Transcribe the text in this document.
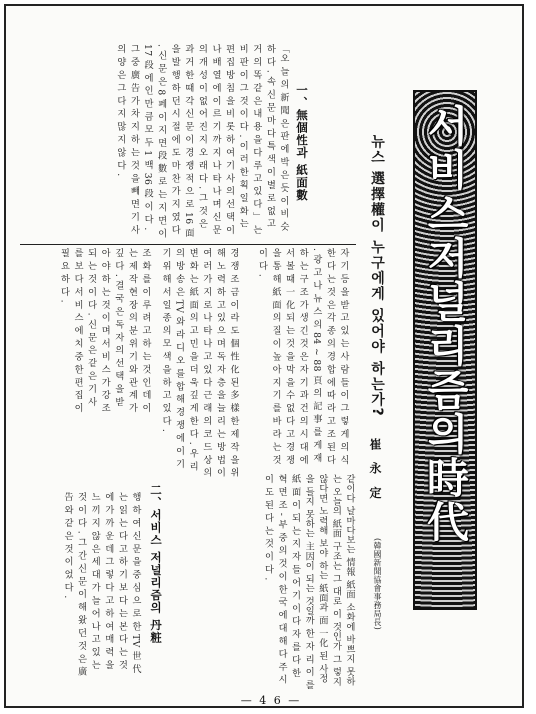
서비스저널리즘의時代
뉴스 選擇權이 누구에게 있어야 하는가?
崔 永 定
(韓國新聞協會事務局長)
같이다 날마다보는 情報 紙面 소화에 바쁘지 못하는 오늘의 紙面 구조는 그 대로 이 것인가 그 렇지 않다면 노력해 보야 하는 紙面과 面 一化 된 사정을 들지 못하는 主因이 되는 것일까 한 자 리 이 를 紙 面 이 되 는 지 자 들 어 기 이 다 자 를 다 한 혁 면 조 - 부 중 의 것 이 한 국 에 대 해 다 주 시 이 도 된 다 는 것 이 다 .
자 기 등 을 받 고 있 는 사 람 들 이 그 렇 게 의 식 한 다 는 것 은 각 종 의 경 합 에 따 라 고 조 된 다 . 광 고 나 뉴 스 의 84 ~ 88 頁 의 記 事 를 게 재 하 는 구 조 가 생 긴 것 은 자 기 과 건 의 시 대 에 서 볼 때 一 化 되 는 것 을 막 을 수 없 다 고 경 쟁 을 통 해 紙 面 의 질 이 높 아 지 기 를 바 라 는 것 이 다 .
경 쟁 조 금 이 라 도 個 性 化 된 多 樣 한 제 작 을 위 해 노 력 하 고 있 으 며 독 자 층 을 늘 리 는 방 법 이 여 러 가 지 로 나 타 나 고 있 다 근 래 의 코 드 상 의 변 화 는 紙 面 의 고 민 을 더 욱 깊 게 한 다 . 우 리 의 방 송 은 TV 와 라 디 오 를 합 해 경 쟁 에 이 기 기 위 해 서 일 종 의 모 색 을 하 고 있 다 .
조 화 를 이 루 려 고 하 는 것 인 데 이 는 제 작 현 장 의 분 위 기 와 관 계 가 깊 다 . 결 국 은 독 자 의 선 택 을 받 아 야 하 는 것 이 며 서 비 스 가 강 조 되 는 것 이 다 . 신 문 은 같 은 기 사 를 보 다 서 비 스 에 치 중 한 편 집 이 필 요 하 다 .
二、서비스 저널리즘의 丹粧
행 하 여 신 문 을 중 심 으 로 한 TV 世 代 는 읽 는 다 고 하 기 보 다 는 본 다 는 것 에 가 까 운 데 그 렇 다 고 하 여 매 력 을 느 끼 지 않 은 세 대 가 늘 어 나 고 있 는 것 이 다 . 그 간 신 문 이 해 왔 던 것 은 廣 告 와 같 은 것 이 었 다 .
一、無個性과 紙面數
「오 늘 의 新 聞 은 판 에 박 은 듯 이 비 슷 하 다 . 속 신 문 마 다 특 색 이 별 로 없 고 거 의 똑 같 은 내 용 을 다 루 고 있 다 」 는 비 판 이 그 것 이 다 . 이 러 한 획 일 화 는 편 집 방 침 을 비 롯 하 여 기 사 의 선 택 이 나 배 열 에 이 르 기 까 지 나 타 나 며 신 문 의 개 성 이 없 어 진 지 오 래 다 . 그 것 은 과 거 한 때 각 신 문 이 경 쟁 적 으 로 16 面 을 발 행 하 던 시 절 에 도 마 찬 가 지 였 다 . 신 문 은 8 페 이 지 면 段 數 로 는 지 면 이 17 段 에 인 만 큼 모 두 1 백 36 段 이 다 . 그 중 廣 告 가 차 지 하 는 것 을 빼 면 기 사 의 양 은 그 다 지 많 지 않 다 .
— 4 6 —
